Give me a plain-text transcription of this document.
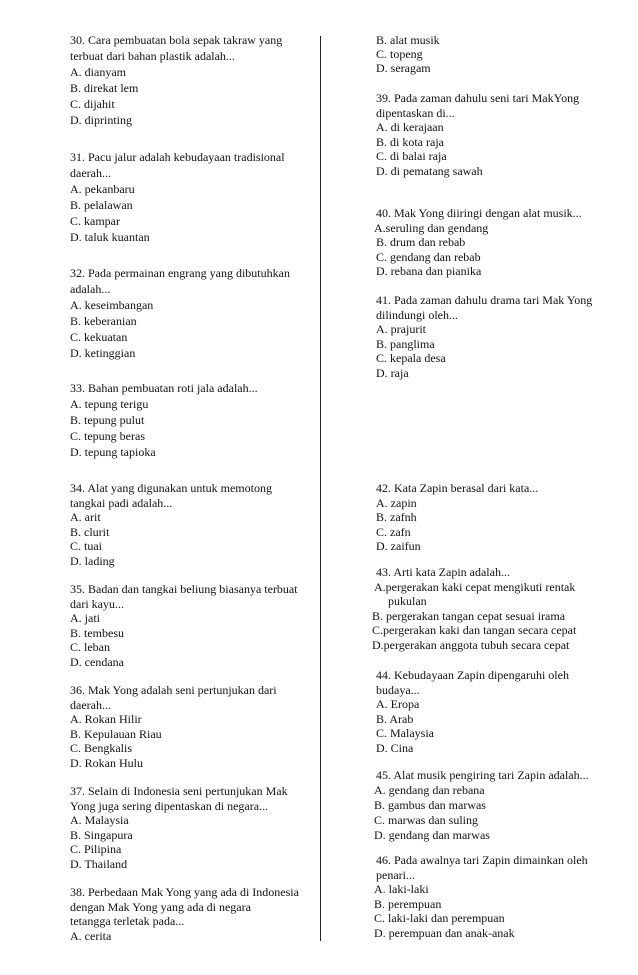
30. Cara pembuatan bola sepak takraw yang
terbuat dari bahan plastik adalah...
A. dianyam
B. direkat lem
C. dijahit
D. diprinting
31. Pacu jalur adalah kebudayaan tradisional
daerah...
A. pekanbaru
B. pelalawan
C. kampar
D. taluk kuantan
32. Pada permainan engrang yang dibutuhkan
adalah...
A. keseimbangan
B. keberanian
C. kekuatan
D. ketinggian
33. Bahan pembuatan roti jala adalah...
A. tepung terigu
B. tepung pulut
C. tepung beras
D. tepung tapioka
34. Alat yang digunakan untuk memotong
tangkai padi adalah...
A. arit
B. clurit
C. tuai
D. lading
35. Badan dan tangkai beliung biasanya terbuat
dari kayu...
A. jati
B. tembesu
C. leban
D. cendana
36. Mak Yong adalah seni pertunjukan dari
daerah...
A. Rokan Hilir
B. Kepulauan Riau
C. Bengkalis
D. Rokan Hulu
37. Selain di Indonesia seni pertunjukan Mak
Yong juga sering dipentaskan di negara...
A. Malaysia
B. Singapura
C. Pilipina
D. Thailand
38. Perbedaan Mak Yong yang ada di Indonesia
dengan Mak Yong yang ada di negara
tetangga terletak pada...
A. cerita
B. alat musik
C. topeng
D. seragam
39. Pada zaman dahulu seni tari MakYong
dipentaskan di...
A. di kerajaan
B. di kota raja
C. di balai raja
D. di pematang sawah
40. Mak Yong diiringi dengan alat musik...
A.seruling dan gendang
B. drum dan rebab
C. gendang dan rebab
D. rebana dan pianika
41. Pada zaman dahulu drama tari Mak Yong
dilindungi oleh...
A. prajurit
B. panglima
C. kepala desa
D. raja
42. Kata Zapin berasal dari kata...
A. zapin
B. zafnh
C. zafn
D. zaifun
43. Arti kata Zapin adalah...
A.pergerakan kaki cepat mengikuti rentak
pukulan
B. pergerakan tangan cepat sesuai irama
C.pergerakan kaki dan tangan secara cepat
D.pergerakan anggota tubuh secara cepat
44. Kebudayaan Zapin dipengaruhi oleh
budaya...
A. Eropa
B. Arab
C. Malaysia
D. Cina
45. Alat musik pengiring tari Zapin adalah...
A. gendang dan rebana
B. gambus dan marwas
C. marwas dan suling
D. gendang dan marwas
46. Pada awalnya tari Zapin dimainkan oleh
penari...
A. laki-laki
B. perempuan
C. laki-laki dan perempuan
D. perempuan dan anak-anak
